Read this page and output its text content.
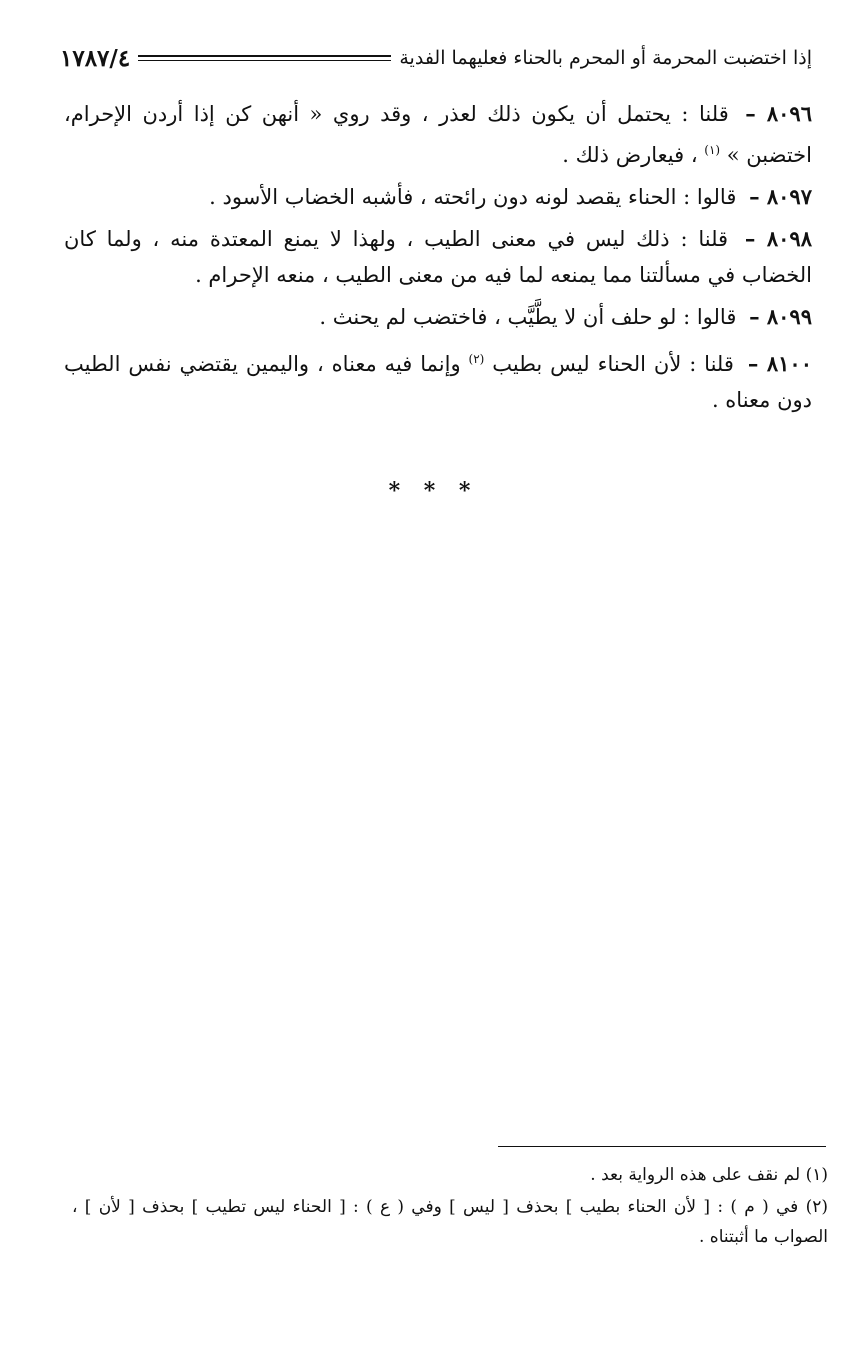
إذا اختضبت المحرمة أو المحرم بالحناء فعليهما الفدية
١٧٨٧/٤

٨٠٩٦ – قلنا : يحتمل أن يكون ذلك لعذر ، وقد روي « أنهن كن إذا أردن الإحرام، اختضبن » $^{(١)}$ ، فيعارض ذلك .

٨٠٩٧ – قالوا : الحناء يقصد لونه دون رائحته ، فأشبه الخضاب الأسود .

٨٠٩٨ – قلنا : ذلك ليس في معنى الطيب ، ولهذا لا يمنع المعتدة منه ، ولما كان الخضاب في مسألتنا مما يمنعه لما فيه من معنى الطيب ، منعه الإحرام .

٨٠٩٩ – قالوا : لو حلف أن لا يطَّيَّب ، فاختضب لم يحنث .

٨١٠٠ – قلنا : لأن الحناء ليس بطيب $^{(٢)}$ وإنما فيه معناه ، واليمين يقتضي نفس الطيب دون معناه .

* * *

(١) لم نقف على هذه الرواية بعد .

(٢) في ( م ) : [ لأن الحناء بطيب ] بحذف [ ليس ] وفي ( ع ) : [ الحناء ليس تطيب ] بحذف [ لأن ] ، الصواب ما أثبتناه .
